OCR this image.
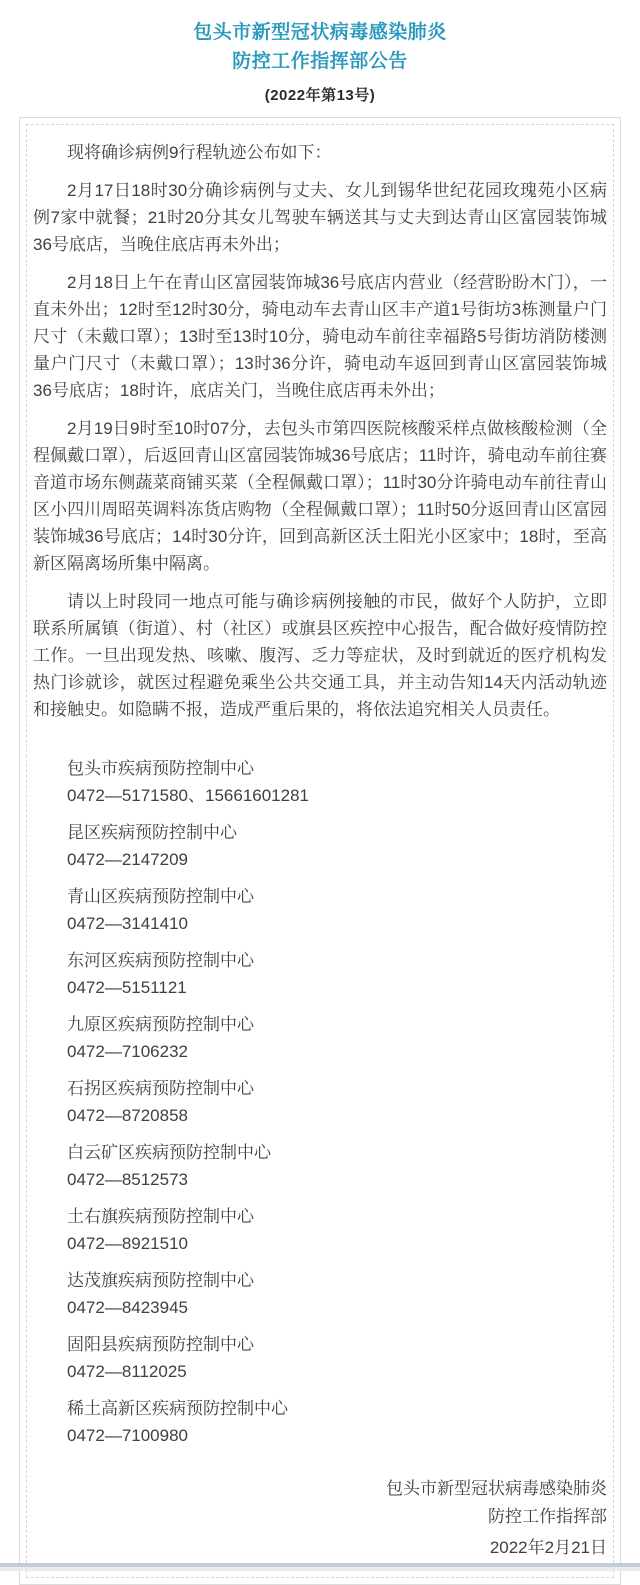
包头市新型冠状病毒感染肺炎
防控工作指挥部公告
(2022年第13号)

现将确诊病例9行程轨迹公布如下：

2月17日18时30分确诊病例与丈夫、女儿到锡华世纪花园玫瑰苑小区病例7家中就餐；21时20分其女儿驾驶车辆送其与丈夫到达青山区富园装饰城36号底店，当晚住底店再未外出；

2月18日上午在青山区富园装饰城36号底店内营业（经营盼盼木门），一直未外出；12时至12时30分，骑电动车去青山区丰产道1号街坊3栋测量户门尺寸（未戴口罩）；13时至13时10分，骑电动车前往幸福路5号街坊消防楼测量户门尺寸（未戴口罩）；13时36分许，骑电动车返回到青山区富园装饰城36号底店；18时许，底店关门，当晚住底店再未外出；

2月19日9时至10时07分，去包头市第四医院核酸采样点做核酸检测（全程佩戴口罩），后返回青山区富园装饰城36号底店；11时许，骑电动车前往赛音道市场东侧蔬菜商铺买菜（全程佩戴口罩）；11时30分许骑电动车前往青山区小四川周昭英调料冻货店购物（全程佩戴口罩）；11时50分返回青山区富园装饰城36号底店；14时30分许，回到高新区沃土阳光小区家中；18时，至高新区隔离场所集中隔离。

请以上时段同一地点可能与确诊病例接触的市民，做好个人防护，立即联系所属镇（街道）、村（社区）或旗县区疾控中心报告，配合做好疫情防控工作。一旦出现发热、咳嗽、腹泻、乏力等症状，及时到就近的医疗机构发热门诊就诊，就医过程避免乘坐公共交通工具，并主动告知14天内活动轨迹和接触史。如隐瞒不报，造成严重后果的，将依法追究相关人员责任。

包头市疾病预防控制中心

0472—5171580、15661601281

昆区疾病预防控制中心

0472—2147209

青山区疾病预防控制中心

0472—3141410

东河区疾病预防控制中心

0472—5151121

九原区疾病预防控制中心

0472—7106232

石拐区疾病预防控制中心

0472—8720858

白云矿区疾病预防控制中心

0472—8512573

土右旗疾病预防控制中心

0472—8921510

达茂旗疾病预防控制中心

0472—8423945

固阳县疾病预防控制中心

0472—8112025

稀土高新区疾病预防控制中心

0472—7100980

包头市新型冠状病毒感染肺炎

防控工作指挥部

2022年2月21日
